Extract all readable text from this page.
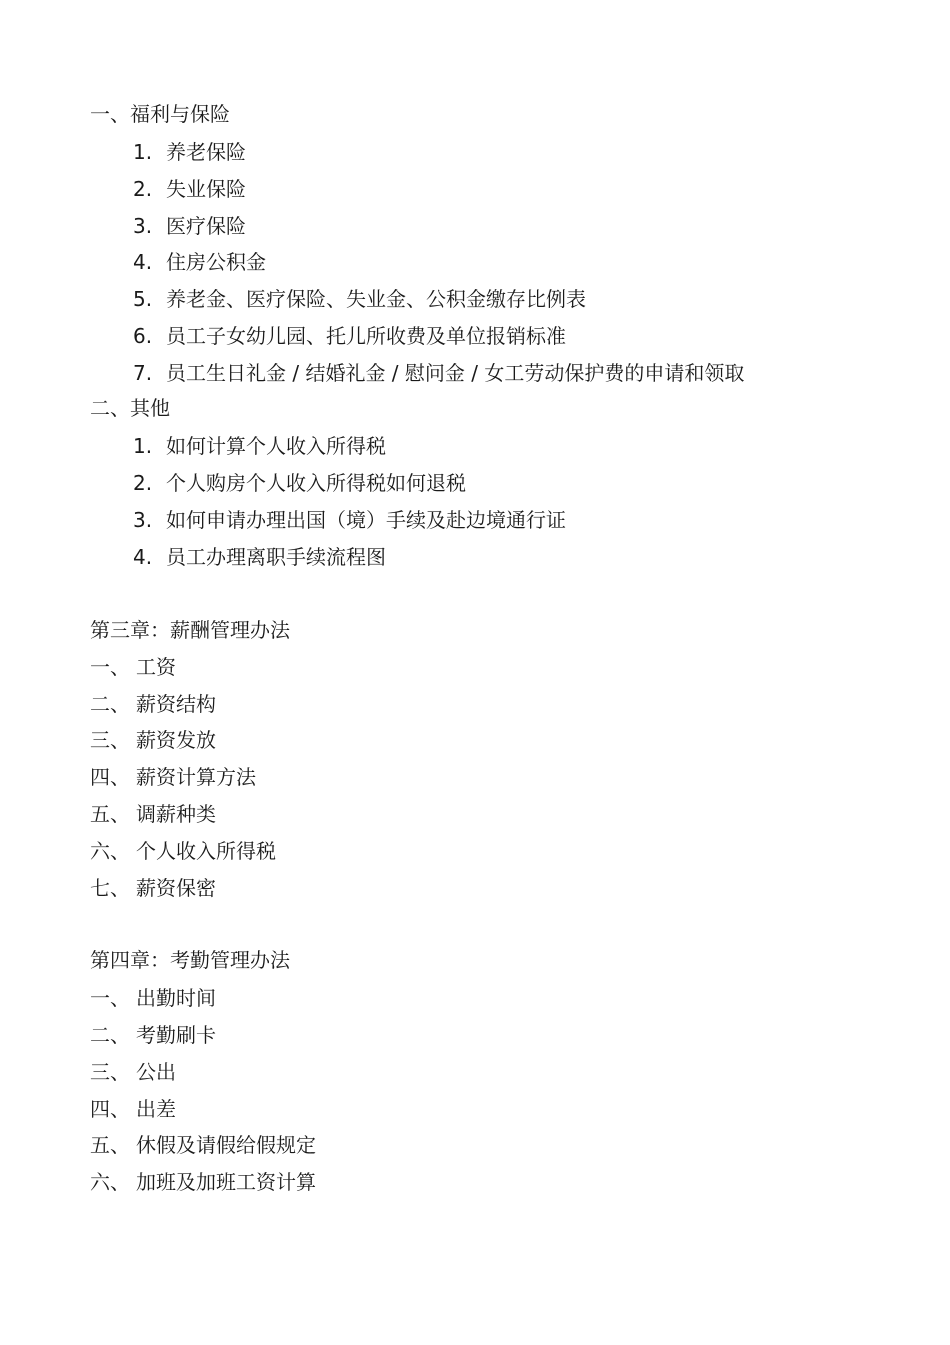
一、福利与保险
1. 养老保险
2. 失业保险
3. 医疗保险
4. 住房公积金
5. 养老金、医疗保险、失业金、公积金缴存比例表
6. 员工子女幼儿园、托儿所收费及单位报销标准
7. 员工生日礼金 / 结婚礼金 / 慰问金 / 女工劳动保护费的申请和领取
二、其他
1. 如何计算个人收入所得税
2. 个人购房个人收入所得税如何退税
3. 如何申请办理出国（境）手续及赴边境通行证
4. 员工办理离职手续流程图
第三章：薪酬管理办法
一、 工资
二、 薪资结构
三、 薪资发放
四、 薪资计算方法
五、 调薪种类
六、 个人收入所得税
七、 薪资保密
第四章：考勤管理办法
一、 出勤时间
二、 考勤刷卡
三、 公出
四、 出差
五、 休假及请假给假规定
六、 加班及加班工资计算
